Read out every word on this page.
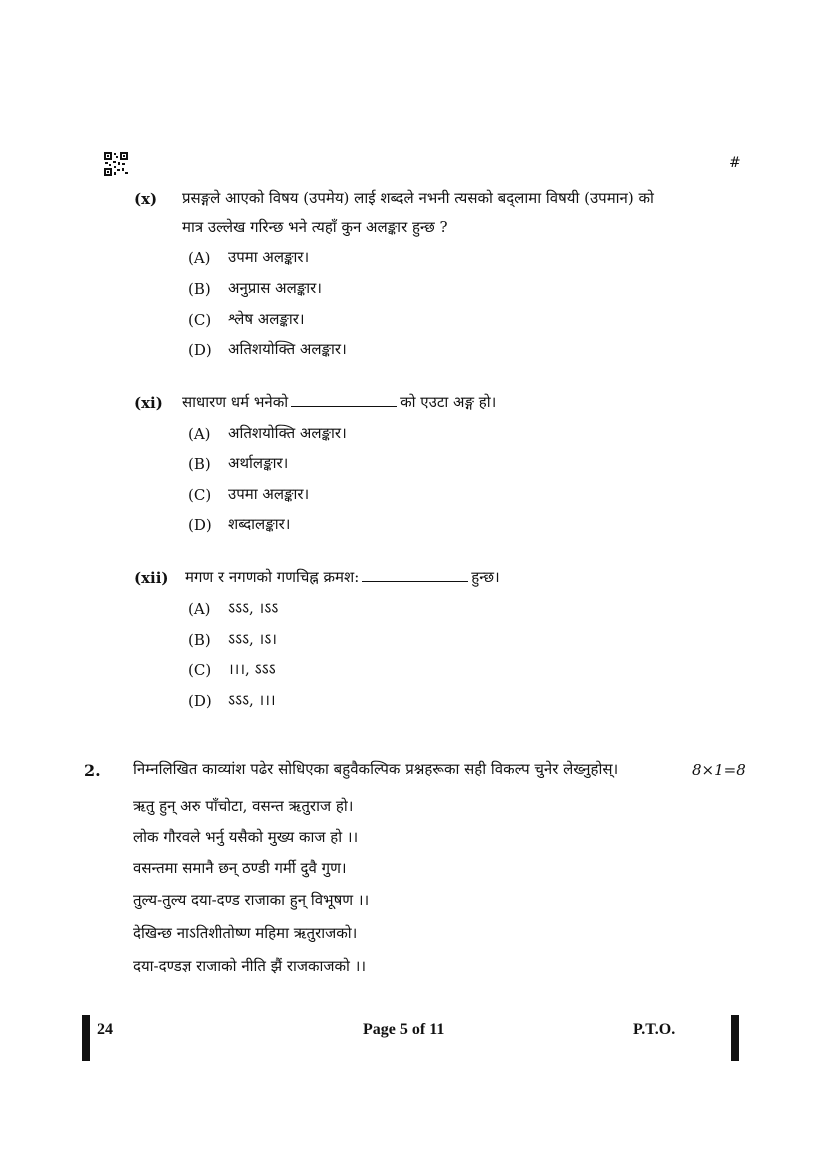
#
(x) प्रसङ्गले आएको विषय (उपमेय) लाई शब्दले नभनी त्यसको बद्लामा विषयी (उपमान) को
मात्र उल्लेख गरिन्छ भने त्यहाँ कुन अलङ्कार हुन्छ ?
(A) उपमा अलङ्कार।
(B) अनुप्रास अलङ्कार।
(C) श्लेष अलङ्कार।
(D) अतिशयोक्ति अलङ्कार।
(xi) साधारण धर्म भनेको	को एउटा अङ्ग हो।
(A) अतिशयोक्ति अलङ्कार।
(B) अर्थालङ्कार।
(C) उपमा अलङ्कार।
(D) शब्दालङ्कार।
(xii) मगण र नगणको गणचिह्न क्रमश:	हुन्छ।
(A) ऽऽऽ, ।ऽऽ
(B) ऽऽऽ, ।ऽ।
(C) ।।।, ऽऽऽ
(D) ऽऽऽ, ।।।
2. निम्नलिखित काव्यांश पढेर सोधिएका बहुवैकल्पिक प्रश्नहरूका सही विकल्प चुनेर लेख्नुहोस्।	8×1=8
ऋतु हुन् अरु पाँचोटा, वसन्त ऋतुराज हो।
लोक गौरवले भर्नु यसैको मुख्य काज हो ।।
वसन्तमा समानै छन् ठण्डी गर्मी दुवै गुण।
तुल्य-तुल्य दया-दण्ड राजाका हुन् विभूषण ।।
देखिन्छ नाऽतिशीतोष्ण महिमा ऋतुराजको।
दया-दण्डज्ञ राजाको नीति झैं राजकाजको ।।
24	Page 5 of 11	P.T.O.
